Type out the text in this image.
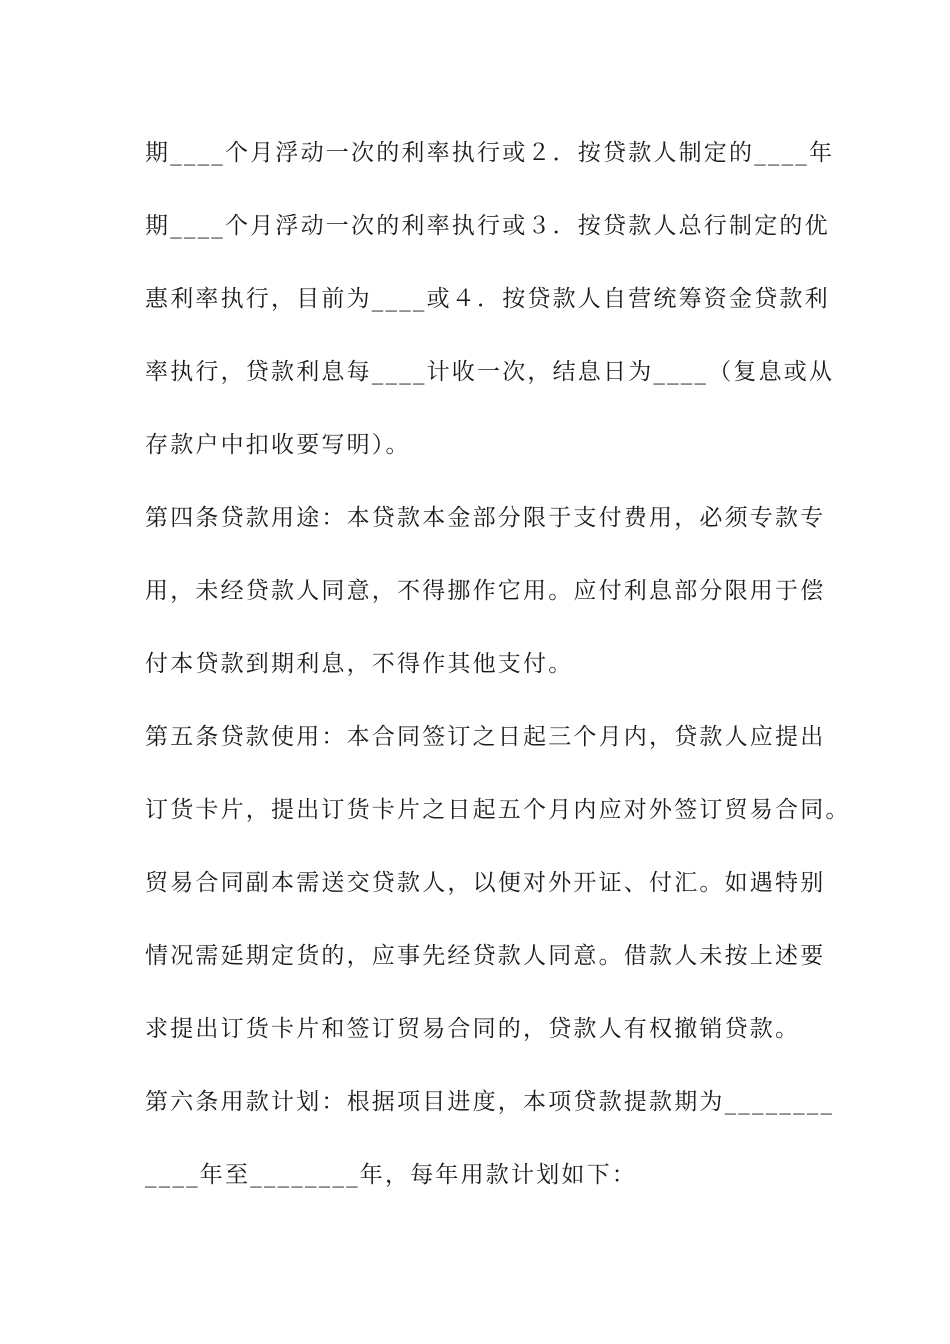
期____个月浮动一次的利率执行或２．按贷款人制定的____年
期____个月浮动一次的利率执行或３．按贷款人总行制定的优
惠利率执行，目前为____或４．按贷款人自营统筹资金贷款利
率执行，贷款利息每____计收一次，结息日为____（复息或从
存款户中扣收要写明）。
第四条贷款用途：本贷款本金部分限于支付费用，必须专款专
用，未经贷款人同意，不得挪作它用。应付利息部分限用于偿
付本贷款到期利息，不得作其他支付。
第五条贷款使用：本合同签订之日起三个月内，贷款人应提出
订货卡片，提出订货卡片之日起五个月内应对外签订贸易合同。
贸易合同副本需送交贷款人，以便对外开证、付汇。如遇特别
情况需延期定货的，应事先经贷款人同意。借款人未按上述要
求提出订货卡片和签订贸易合同的，贷款人有权撤销贷款。
第六条用款计划：根据项目进度，本项贷款提款期为________
____年至________年，每年用款计划如下：
